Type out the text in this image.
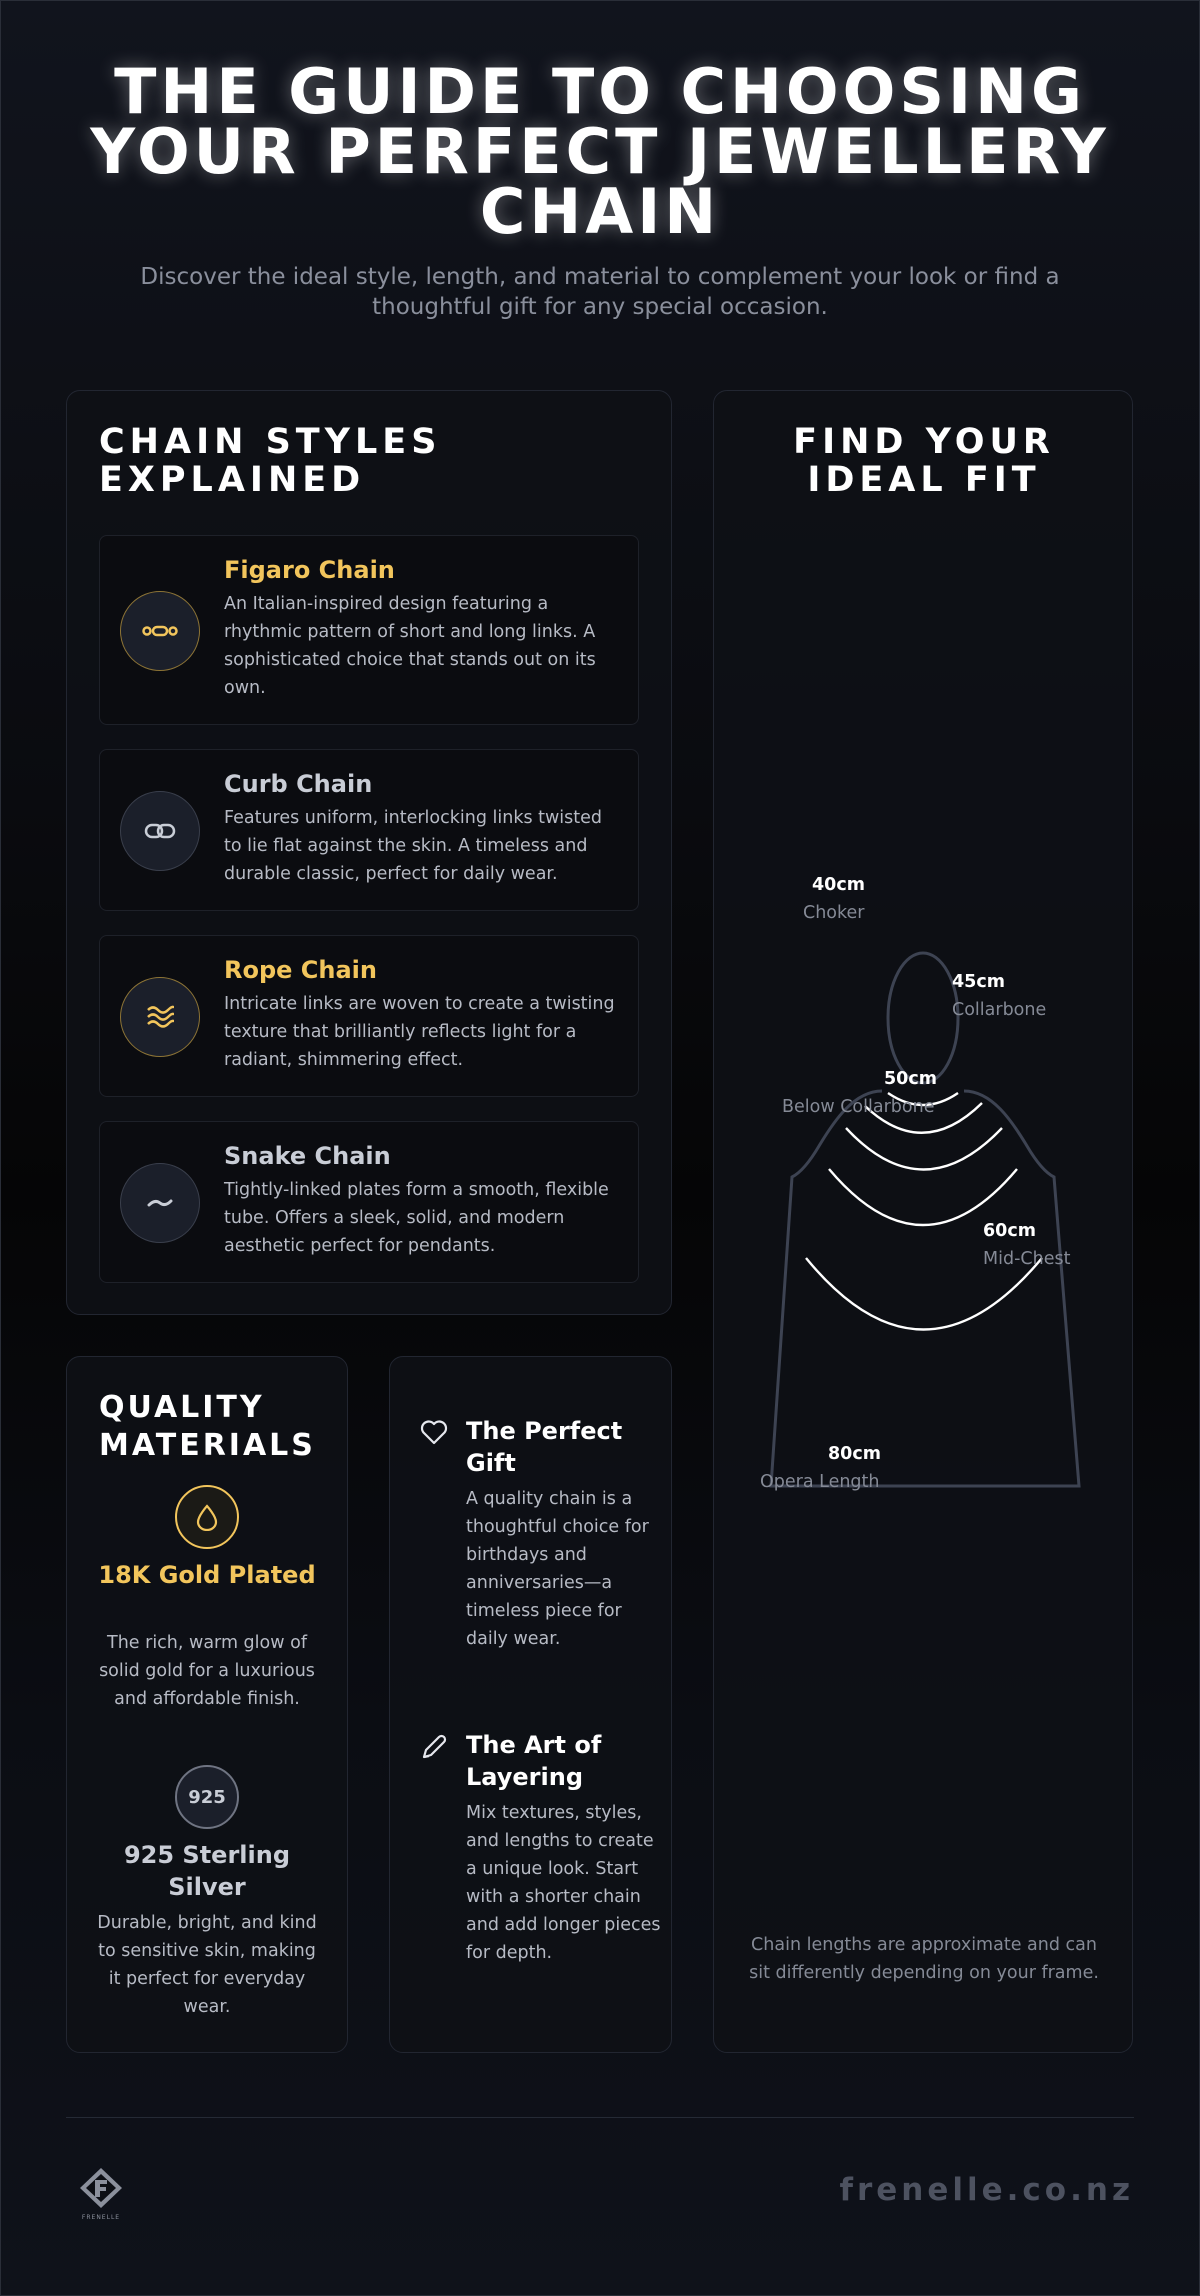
THE GUIDE TO CHOOSING YOUR PERFECT JEWELLERY CHAIN

Discover the ideal style, length, and material to complement your look or find a thoughtful gift for any special occasion.

CHAIN STYLES EXPLAINED
Figaro Chain

An Italian-inspired design featuring a rhythmic pattern of short and long links. A sophisticated choice that stands out on its own.

Curb Chain

Features uniform, interlocking links twisted to lie flat against the skin. A timeless and durable classic, perfect for daily wear.

Rope Chain

Intricate links are woven to create a twisting texture that brilliantly reflects light for a radiant, shimmering effect.

Snake Chain

Tightly-linked plates form a smooth, flexible tube. Offers a sleek, solid, and modern aesthetic perfect for pendants.

QUALITY MATERIALS
18K Gold Plated

The rich, warm glow of solid gold for a luxurious and affordable finish.

925
925 Sterling Silver

Durable, bright, and kind to sensitive skin, making it perfect for everyday wear.

The Perfect Gift

A quality chain is a thoughtful choice for birthdays and anniversaries—a timeless piece for daily wear.

The Art of Layering

Mix textures, styles, and lengths to create a unique look. Start with a shorter chain and add longer pieces for depth.

FIND YOUR IDEAL FIT
40cm
Choker
45cm
Collarbone
50cm
Below Collarbone
60cm
Mid-Chest
80cm
Opera Length

Chain lengths are approximate and can sit differently depending on your frame.

FRENELLE
frenelle.co.nz
